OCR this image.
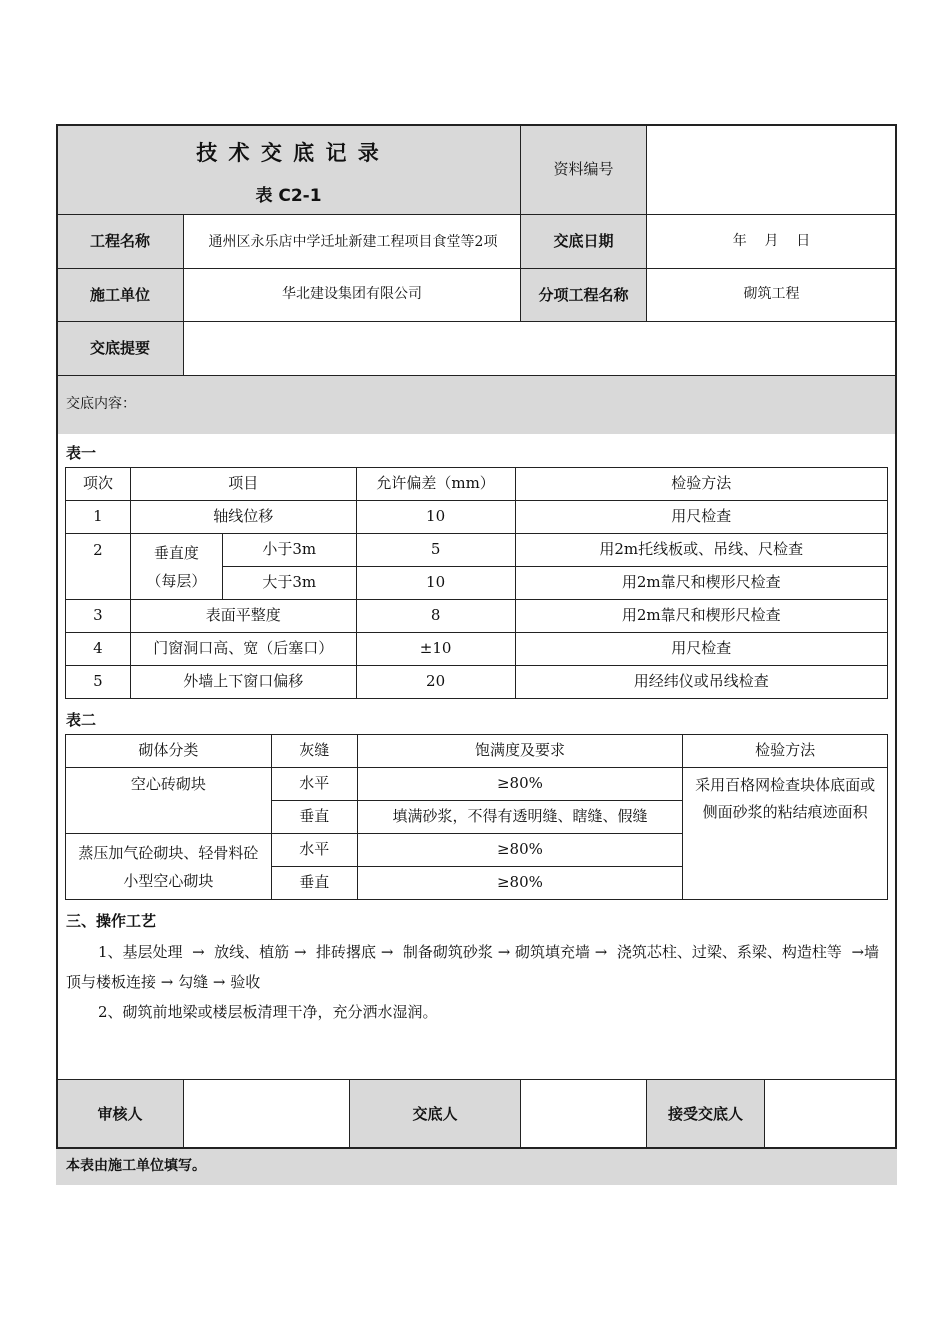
技 术 交 底 记 录
表 C2-1
资料编号
工程名称	通州区永乐店中学迁址新建工程项目食堂等2项	交底日期	年    月    日
施工单位	华北建设集团有限公司	分项工程名称	砌筑工程
交底提要
交底内容：
表一
项次	项目		允许偏差（mm）	检验方法
1	轴线位移		10	用尺检查
2	垂直度（每层）	小于3m	5	用2m托线板或、吊线、尺检查
		大于3m	10	用2m靠尺和楔形尺检查
3	表面平整度		8	用2m靠尺和楔形尺检查
4	门窗洞口高、宽（后塞口）		±10	用尺检查
5	外墙上下窗口偏移		20	用经纬仪或吊线检查
表二
砌体分类	灰缝	饱满度及要求	检验方法
空心砖砌块	水平	≥80%	采用百格网检查块体底面或侧面砂浆的粘结痕迹面积
	垂直	填满砂浆，不得有透明缝、瞎缝、假缝	
蒸压加气砼砌块、轻骨料砼小型空心砌块	水平	≥80%	
	垂直	≥80%	
三、操作工艺
1、基层处理  →  放线、植筋 →  排砖撂底 →  制备砌筑砂浆 → 砌筑填充墙 →  浇筑芯柱、过梁、系梁、构造柱等  →墙顶与楼板连接 → 勾缝 → 验收
2、砌筑前地梁或楼层板清理干净，充分洒水湿润。
审核人	交底人	接受交底人
本表由施工单位填写。
